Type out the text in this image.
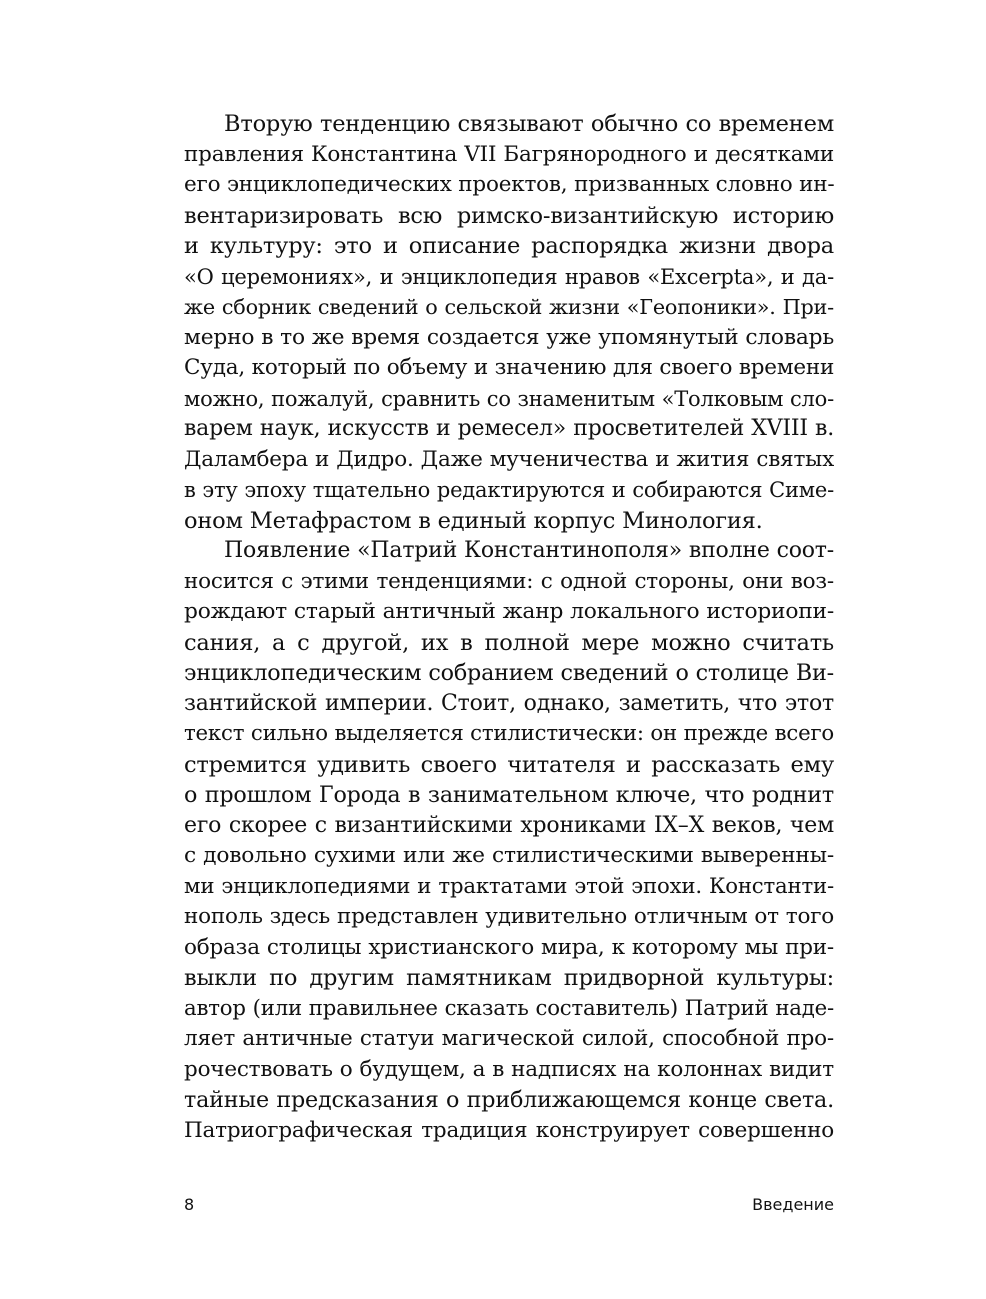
Вторую тенденцию связывают обычно со временем
правления Константина VII Багрянородного и десятками
его энциклопедических проектов, призванных словно ин-
вентаризировать всю римско-византийскую историю
и культуру: это и описание распорядка жизни двора
«О церемониях», и энциклопедия нравов «Excerpta», и да-
же сборник сведений о сельской жизни «Геопоники». При-
мерно в то же время создается уже упомянутый словарь
Суда, который по объему и значению для своего времени
можно, пожалуй, сравнить со знаменитым «Толковым сло-
варем наук, искусств и ремесел» просветителей XVIII в.
Даламбера и Дидро. Даже мученичества и жития святых
в эту эпоху тщательно редактируются и собираются Симе-
оном Метафрастом в единый корпус Минология.
Появление «Патрий Константинополя» вполне соот-
носится с этими тенденциями: с одной стороны, они воз-
рождают старый античный жанр локального историопи-
сания, а с другой, их в полной мере можно считать
энциклопедическим собранием сведений о столице Ви-
зантийской империи. Стоит, однако, заметить, что этот
текст сильно выделяется стилистически: он прежде всего
стремится удивить своего читателя и рассказать ему
о прошлом Города в занимательном ключе, что роднит
его скорее с византийскими хрониками IX–X веков, чем
с довольно сухими или же стилистическими выверенны-
ми энциклопедиями и трактатами этой эпохи. Константи-
нополь здесь представлен удивительно отличным от того
образа столицы христианского мира, к которому мы при-
выкли по другим памятникам придворной культуры:
автор (или правильнее сказать составитель) Патрий наде-
ляет античные статуи магической силой, способной про-
рочествовать о будущем, а в надписях на колоннах видит
тайные предсказания о приближающемся конце света.
Патриографическая традиция конструирует совершенно
8	Введение
